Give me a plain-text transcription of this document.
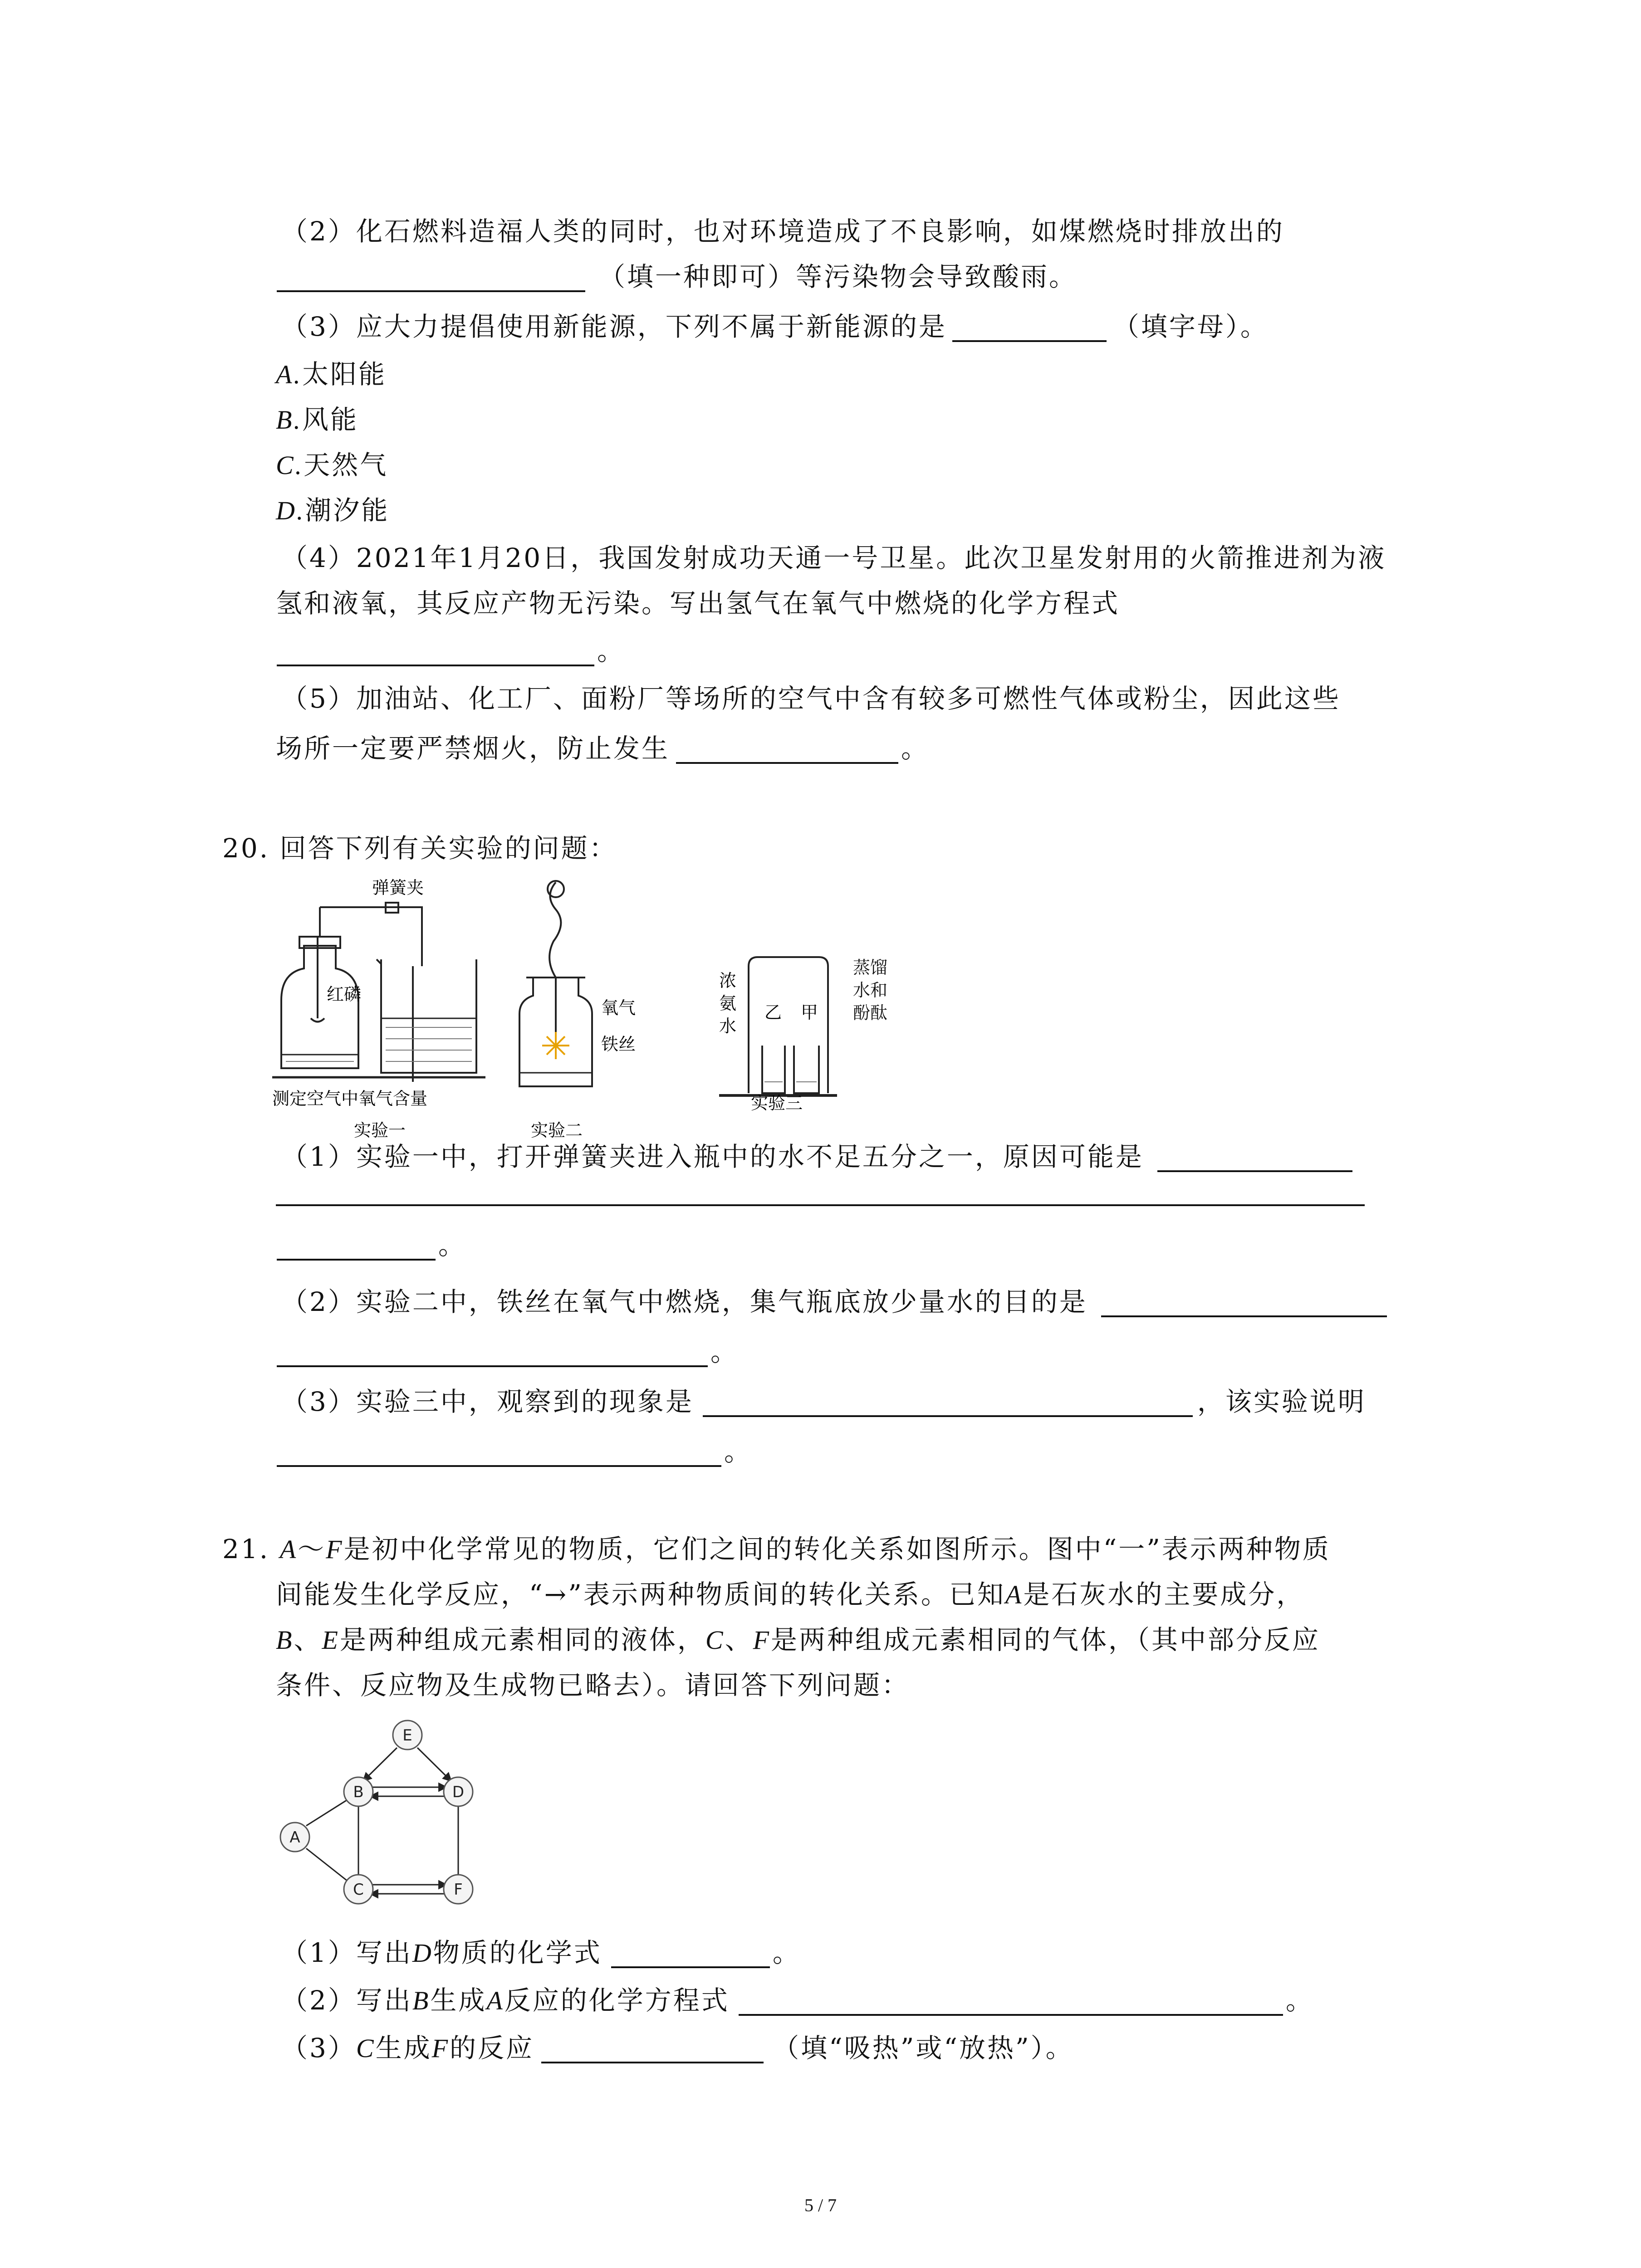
（2）化石燃料造福人类的同时，也对环境造成了不良影响，如煤燃烧时排放出的
（填一种即可）等污染物会导致酸雨。
（3）应大力提倡使用新能源，下列不属于新能源的是	（填字母）。
A.太阳能
B.风能
C.天然气
D.潮汐能
（4）2021年1月20日，我国发射成功天通一号卫星。此次卫星发射用的火箭推进剂为液
氢和液氧，其反应产物无污染。写出氢气在氧气中燃烧的化学方程式
。
（5）加油站、化工厂、面粉厂等场所的空气中含有较多可燃性气体或粉尘，因此这些
场所一定要严禁烟火，防止发生	。
20. 回答下列有关实验的问题：
弹簧夹
红磷
测定空气中氧气含量
实验一
氧气
铁丝
实验二
浓
氨
水
乙 甲
实验三
蒸馏
水和
酚酞
（1）实验一中，打开弹簧夹进入瓶中的水不足五分之一，原因可能是
。
（2）实验二中，铁丝在氧气中燃烧，集气瓶底放少量水的目的是
。
（3）实验三中，观察到的现象是	，该实验说明
。
21. A～F是初中化学常见的物质，它们之间的转化关系如图所示。图中“一”表示两种物质
间能发生化学反应，“→”表示两种物质间的转化关系。已知A是石灰水的主要成分，
B、E是两种组成元素相同的液体，C、F是两种组成元素相同的气体，（其中部分反应
条件、反应物及生成物已略去）。请回答下列问题：
E
B	D
A
C	F
（1）写出D物质的化学式	。
（2）写出B生成A反应的化学方程式	。
（3）C生成F的反应	（填“吸热”或“放热”）。
5 / 7
